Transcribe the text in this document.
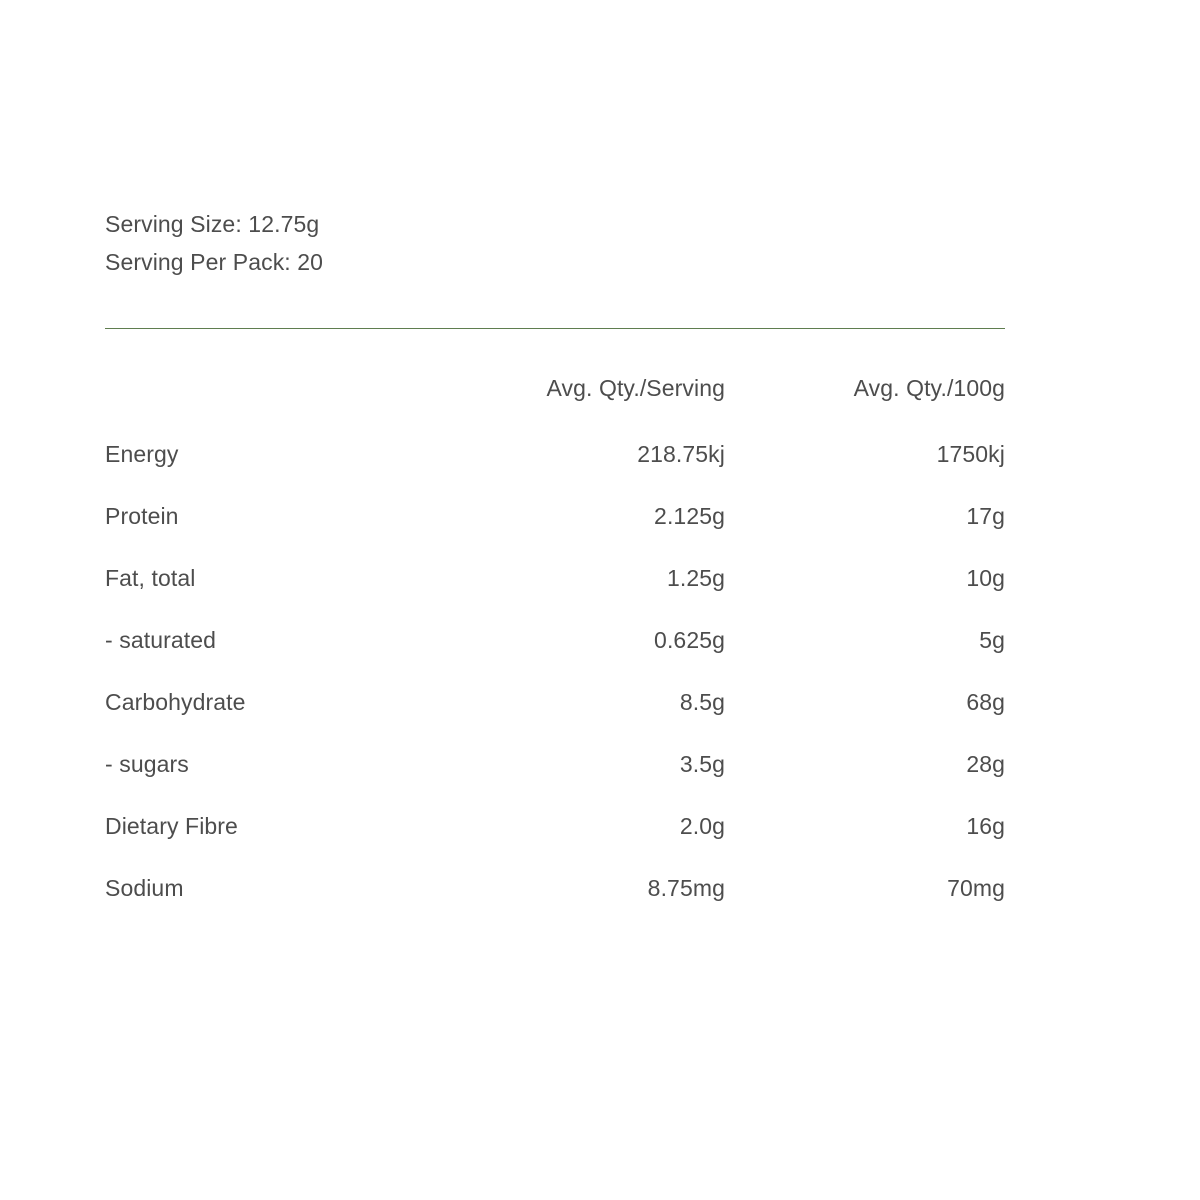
Serving Size: 12.75g
Serving Per Pack: 20
	Avg. Qty./Serving	Avg. Qty./100g
Energy	218.75kj	1750kj
Protein	2.125g	17g
Fat, total	1.25g	10g
- saturated	0.625g	5g
Carbohydrate	8.5g	68g
- sugars	3.5g	28g
Dietary Fibre	2.0g	16g
Sodium	8.75mg	70mg
